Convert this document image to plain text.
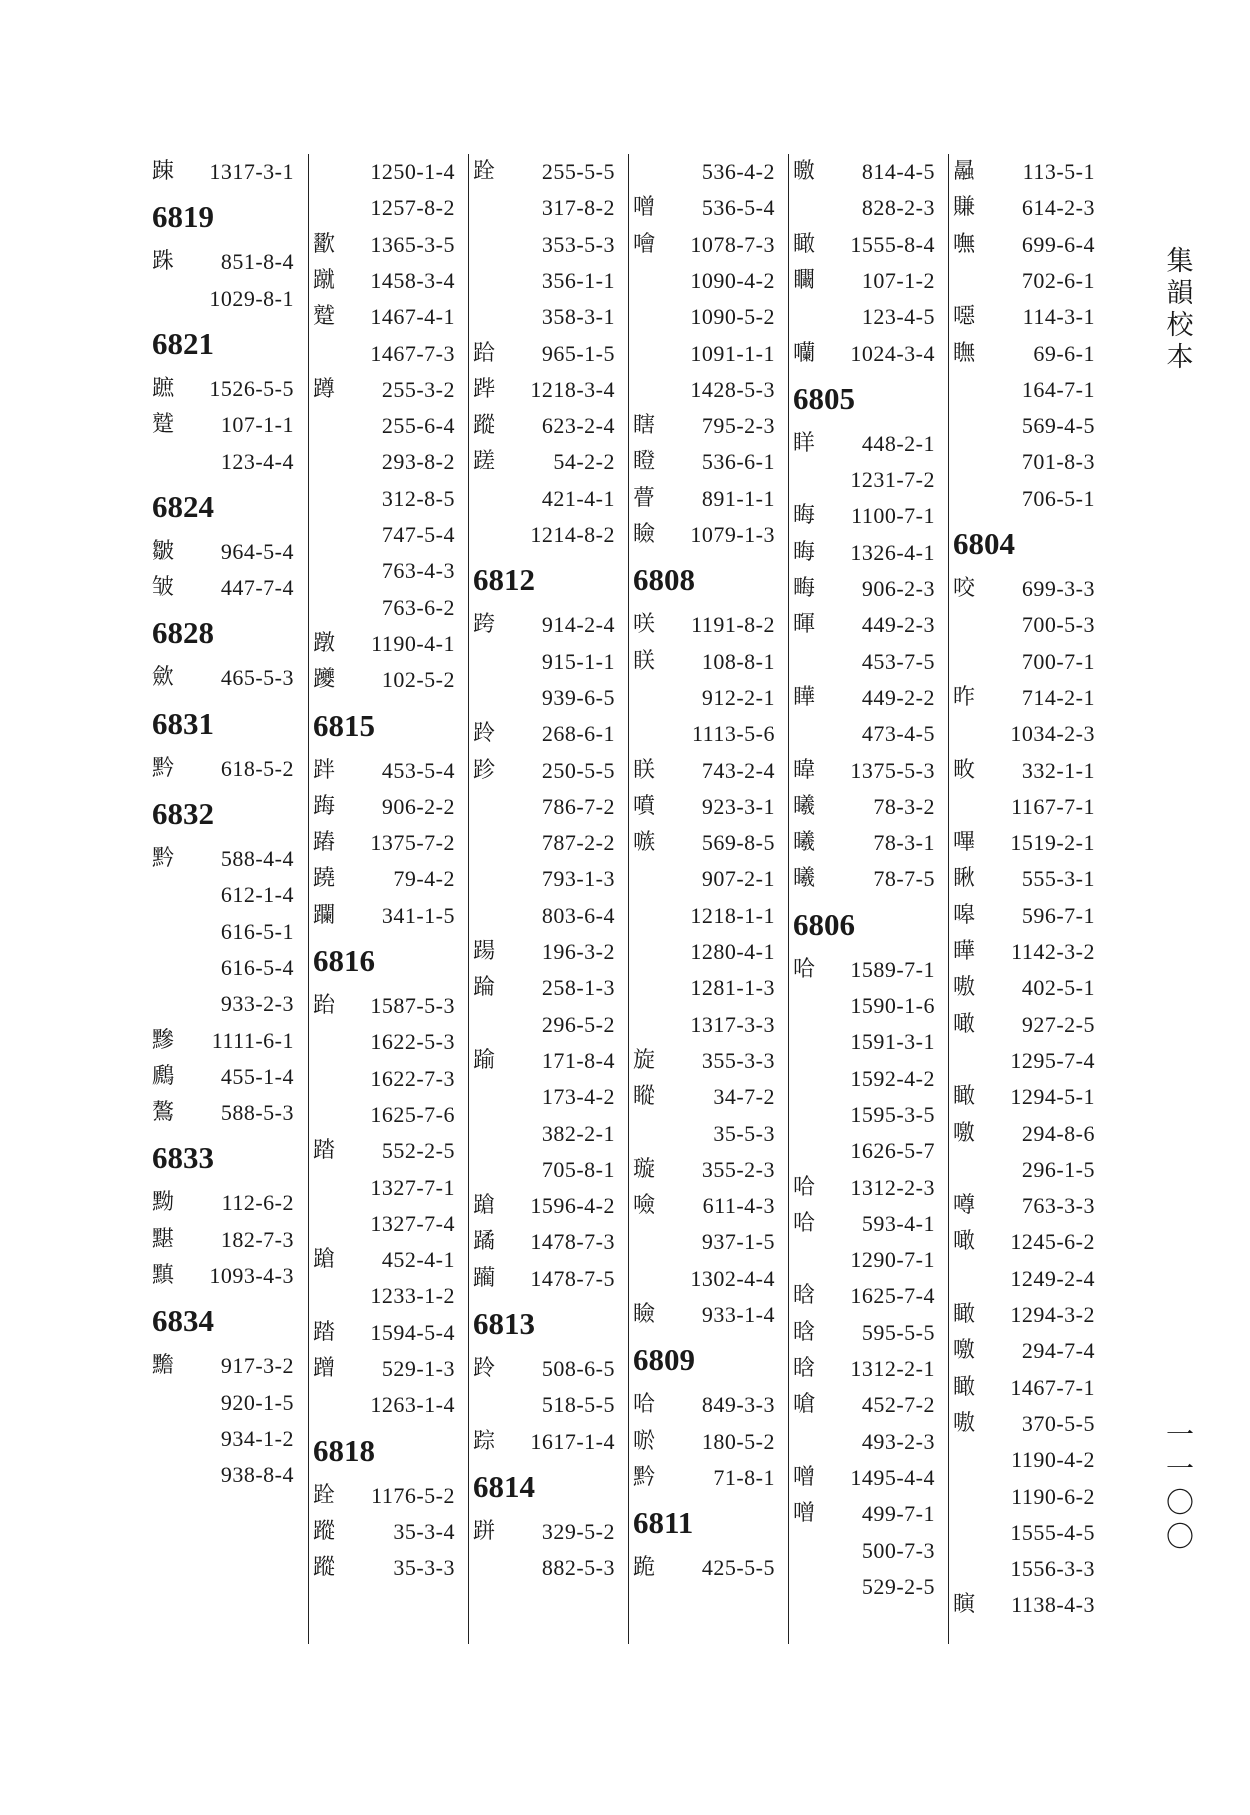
踈 1317-3-1
6819
跦 851-8-4
1029-8-1
6821
蹠 1526-5-5
蹵 107-1-1
123-4-4
6824
皺 964-5-4
皱 447-7-4
6828
歛 465-5-3
6831
黔 618-5-2
6832
黔 588-4-4
612-1-4
616-5-1
616-5-4
933-2-3
黲 1111-6-1
鷉 455-1-4
鷔 588-5-3
6833
黝 112-6-2
黮 182-7-3
黰 1093-4-3
6834
黵 917-3-2
920-1-5
934-1-2
938-8-4
1250-1-4
1257-8-2
歠 1365-3-5
蹴 1458-3-4
蹵 1467-4-1
1467-7-3
蹲 255-3-2
255-6-4
293-8-2
312-8-5
747-5-4
763-4-3
763-6-2
蹾 1190-4-1
躨 102-5-2
6815
跘 453-5-4
踇 906-2-2
蹖 1375-7-2
蹺	79-4-2
躝 341-1-5
6816
跆 1587-5-3
1622-5-3
1622-7-3
1625-7-6
踏 552-2-5
1327-7-1
1327-7-4
蹌 452-4-1
1233-1-2
踏 1594-5-4
蹭 529-1-3
1263-1-4
6818
跧 1176-5-2
蹤	35-3-4
蹤	35-3-3
跧 255-5-5
317-8-2
353-5-3
356-1-1
358-3-1
跲 965-1-5
跸 1218-3-4
蹤 623-2-4
蹉	54-2-2
421-4-1
1214-8-2
6812
跨 914-2-4
915-1-1
939-6-5
跉 268-6-1
跈 250-5-5
786-7-2
787-2-2
793-1-3
803-6-4
踼 196-3-2
踚 258-1-3
296-5-2
踰 171-8-4
173-4-2
382-2-1
705-8-1
蹌 1596-4-2
蹫 1478-7-3
躏 1478-7-5
6813
跉 508-6-5
518-5-5
踪 1617-1-4
6814
跰 329-5-2
882-5-3
536-4-2
噌 536-5-4
噲 1078-7-3
1090-4-2
1090-5-2
1091-1-1
1428-5-3
瞎 795-2-3
瞪 536-6-1
瞢 891-1-1
瞼 1079-1-3
6808
咲 1191-8-2
眹 108-8-1
912-2-1
1113-5-6
眹 743-2-4
噴 923-3-1
嗾 569-8-5
907-2-1
1218-1-1
1280-4-1
1281-1-3
1317-3-3
旋 355-3-3
瞛	34-7-2
35-5-3
璇 355-2-3
噞 611-4-3
937-1-5
1302-4-4
瞼 933-1-4
6809
哈 849-3-3
唹 180-5-2
黔	71-8-1
6811
跪 425-5-5
曒 814-4-5
828-2-3
瞰 1555-8-4
矙 107-1-2
123-4-5
囒 1024-3-4
6805
眻 448-2-1
1231-7-2
晦 1100-7-1
晦 1326-4-1
畮 906-2-3
暉 449-2-3
453-7-5
瞱 449-2-2
473-4-5
暐 1375-5-3
曦	78-3-2
曦	78-3-1
曦	78-7-5
6806
哈 1589-7-1
1590-1-6
1591-3-1
1592-4-2
1595-3-5
1626-5-7
哈 1312-2-3
哈 593-4-1
1290-7-1
晗 1625-7-4
晗 595-5-5
晗 1312-2-1
嗆 452-7-2
493-2-3
噌 1495-4-4
噌 499-7-1
500-7-3
529-2-5
曧 113-5-1
賺 614-2-3
嘸 699-6-4
702-6-1
噁 114-3-1
瞴	69-6-1
164-7-1
569-4-5
701-8-3
706-5-1
6804
咬 699-3-3
700-5-3
700-7-1
昨 714-2-1
1034-2-3
畋 332-1-1
1167-7-1
嗶 1519-2-1
瞅 555-3-1
嗥 596-7-1
曄 1142-3-2
嗷 402-5-1
噉 927-2-5
1295-7-4
瞰 1294-5-1
噭 294-8-6
296-1-5
噂 763-3-3
噉 1245-6-2
1249-2-4
瞰 1294-3-2
噭 294-7-4
瞰 1467-7-1
嗷 370-5-5
1190-4-2
1190-6-2
1555-4-5
1556-3-3
瞚 1138-4-3
集韻校本
一一〇〇
